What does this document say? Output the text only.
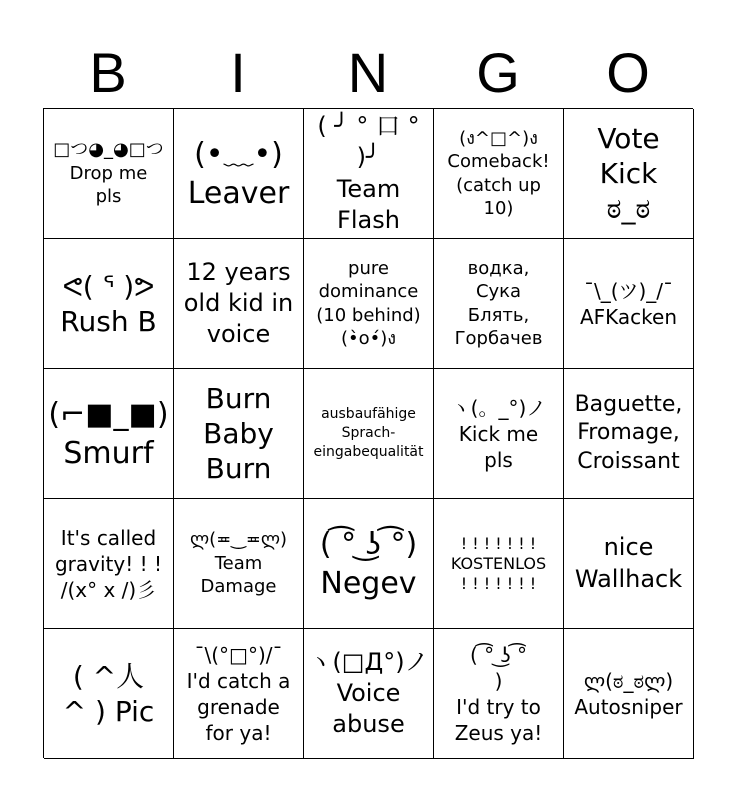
B	I	N	G	O
□つ◕_◕□つ
Drop me
pls
(•﹏•)
Leaver
( ╯ ° 口 ° )╯
Team
Flash
(ง^□^)ง
Comeback!
(catch up
10)
Vote
Kick
ಠ_ಠ
ᕙ( ᕐ )ᕗ
Rush B
12 years
old kid in
voice
pure
dominance
(10 behind)
(•̀o•́)ง
водка,
Сука
Блять,
Горбачев
¯\_(ツ)_/¯
AFKacken
(⌐■_■)
Smurf
Burn
Baby
Burn
ausbaufähige
Sprach-
eingabequalität
ヽ(。_°)ノ
Kick me
pls
Baguette,
Fromage,
Croissant
It's called
gravity! ! !
/(x° x /)彡
ლ(≖‿≖ლ)
Team
Damage
( ͡° ͜ʖ ͡°)
Negev
! ! ! ! ! ! !
KOSTENLOS
! ! ! ! ! ! !
nice
Wallhack
( ^人
^ ) Pic
¯\(°□°)/¯
I'd catch a
grenade
for ya!
ヽ(□Д°)ノ
Voice
abuse
( ͡° ͜ʖ ͡°
)
I'd try to
Zeus ya!
ლ(ಠ_ಠლ)
Autosniper
